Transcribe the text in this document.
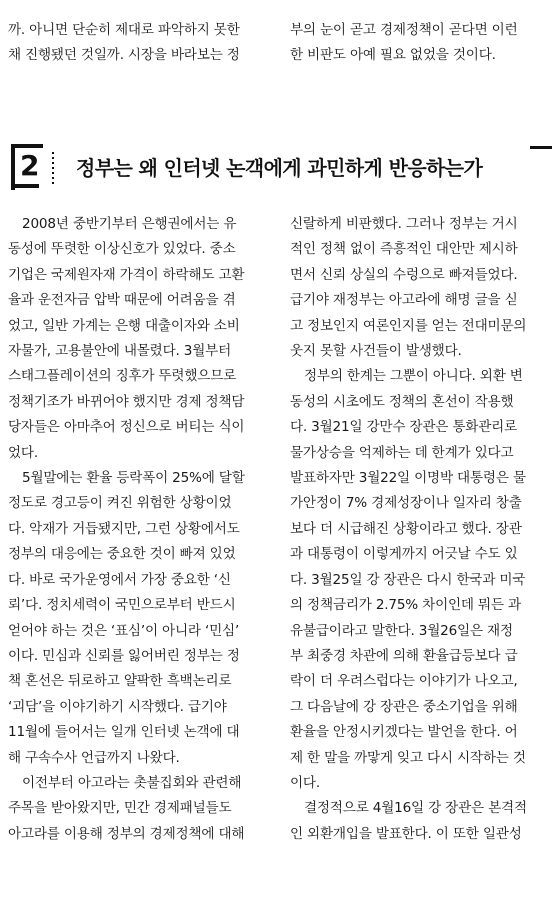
까. 아니면 단순히 제대로 파악하지 못한
채 진행됐던 것일까. 시장을 바라보는 정
부의 눈이 곧고 경제정책이 곧다면 이런
한 비판도 아예 필요 없었을 것이다.
2 정부는 왜 인터넷 논객에게 과민하게 반응하는가
2008년 중반기부터 은행권에서는 유
동성에 뚜렷한 이상신호가 있었다. 중소
기업은 국제원자재 가격이 하락해도 고환
율과 운전자금 압박 때문에 어려움을 겪
었고, 일반 가계는 은행 대출이자와 소비
자물가, 고용불안에 내몰렸다. 3월부터
스태그플레이션의 징후가 뚜렷했으므로
정책기조가 바뀌어야 했지만 경제 정책담
당자들은 아마추어 정신으로 버티는 식이
었다.
5월말에는 환율 등락폭이 25%에 달할
정도로 경고등이 켜진 위험한 상황이었
다. 악재가 거듭됐지만, 그런 상황에서도
정부의 대응에는 중요한 것이 빠져 있었
다. 바로 국가운영에서 가장 중요한 ‘신
뢰’다. 정치세력이 국민으로부터 반드시
얻어야 하는 것은 ‘표심’이 아니라 ‘민심’
이다. 민심과 신뢰를 잃어버린 정부는 정
책 혼선은 뒤로하고 얄팍한 흑백논리로
‘괴담’을 이야기하기 시작했다. 급기야
11월에 들어서는 일개 인터넷 논객에 대
해 구속수사 언급까지 나왔다.
이전부터 아고라는 촛불집회와 관련해
주목을 받아왔지만, 민간 경제패널들도
아고라를 이용해 정부의 경제정책에 대해
신랄하게 비판했다. 그러나 정부는 거시
적인 정책 없이 즉흥적인 대안만 제시하
면서 신뢰 상실의 수렁으로 빠져들었다.
급기야 재정부는 아고라에 해명 글을 싣
고 정보인지 여론인지를 얻는 전대미문의
웃지 못할 사건들이 발생했다.
정부의 한계는 그뿐이 아니다. 외환 변
동성의 시초에도 정책의 혼선이 작용했
다. 3월21일 강만수 장관은 통화관리로
물가상승을 억제하는 데 한계가 있다고
발표하자만 3월22일 이명박 대통령은 물
가안정이 7% 경제성장이나 일자리 창출
보다 더 시급해진 상황이라고 했다. 장관
과 대통령이 이렇게까지 어긋날 수도 있
다. 3월25일 강 장관은 다시 한국과 미국
의 정책금리가 2.75% 차이인데 뭐든 과
유불급이라고 말한다. 3월26일은 재정
부 최중경 차관에 의해 환율급등보다 급
락이 더 우려스럽다는 이야기가 나오고,
그 다음날에 강 장관은 중소기업을 위해
환율을 안정시키겠다는 발언을 한다. 어
제 한 말을 까맣게 잊고 다시 시작하는 것
이다.
결정적으로 4월16일 강 장관은 본격적
인 외환개입을 발표한다. 이 또한 일관성
